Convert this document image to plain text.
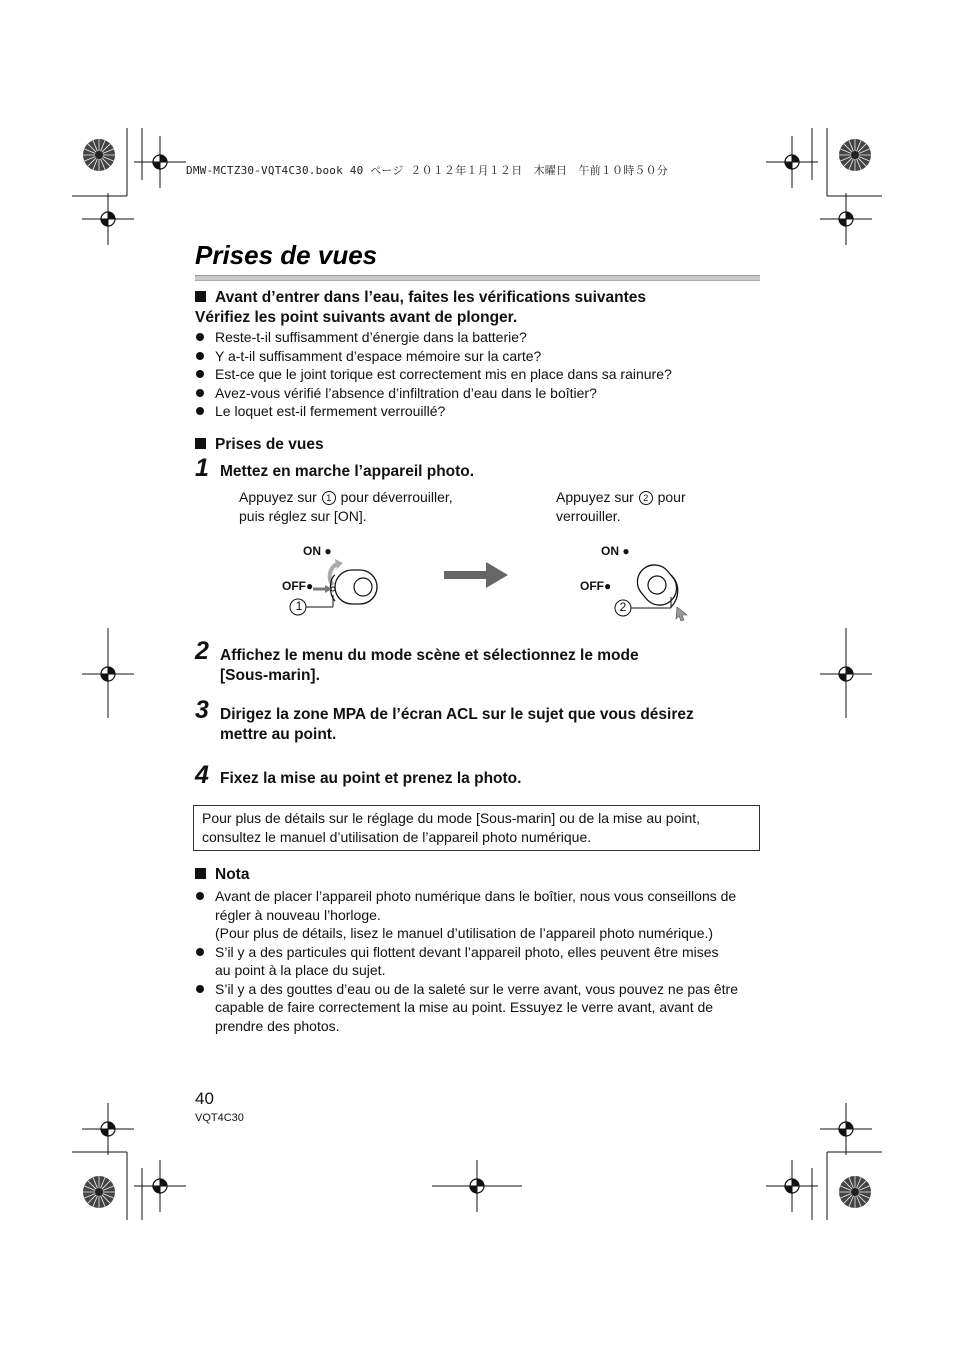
DMW-MCTZ30-VQT4C30.book 40 ページ ２０１２年１月１２日　木曜日　午前１０時５０分
Prises de vues
Avant d’entrer dans l’eau, faites les vérifications suivantes
Vérifiez les point suivants avant de plonger.
Reste-t-il suffisamment d’énergie dans la batterie?
Y a-t-il suffisamment d’espace mémoire sur la carte?
Est-ce que le joint torique est correctement mis en place dans sa rainure?
Avez-vous vérifié l’absence d’infiltration d’eau dans le boîtier?
Le loquet est-il fermement verrouillé?
Prises de vues
1 Mettez en marche l’appareil photo.
Appuyez sur 1 pour déverrouiller,
puis réglez sur [ON].
Appuyez sur 2 pour
verrouiller.
ON ●
OFF●
1
ON ●
OFF●
2
2 Affichez le menu du mode scène et sélectionnez le mode
[Sous-marin].
3 Dirigez la zone MPA de l’écran ACL sur le sujet que vous désirez
mettre au point.
4 Fixez la mise au point et prenez la photo.
Pour plus de détails sur le réglage du mode [Sous-marin] ou de la mise au point,
consultez le manuel d’utilisation de l’appareil photo numérique.
Nota
Avant de placer l’appareil photo numérique dans le boîtier, nous vous conseillons de
régler à nouveau l’horloge.
(Pour plus de détails, lisez le manuel d’utilisation de l’appareil photo numérique.)
S’il y a des particules qui flottent devant l’appareil photo, elles peuvent être mises
au point à la place du sujet.
S’il y a des gouttes d’eau ou de la saleté sur le verre avant, vous pouvez ne pas être
capable de faire correctement la mise au point. Essuyez le verre avant, avant de
prendre des photos.
40
VQT4C30
